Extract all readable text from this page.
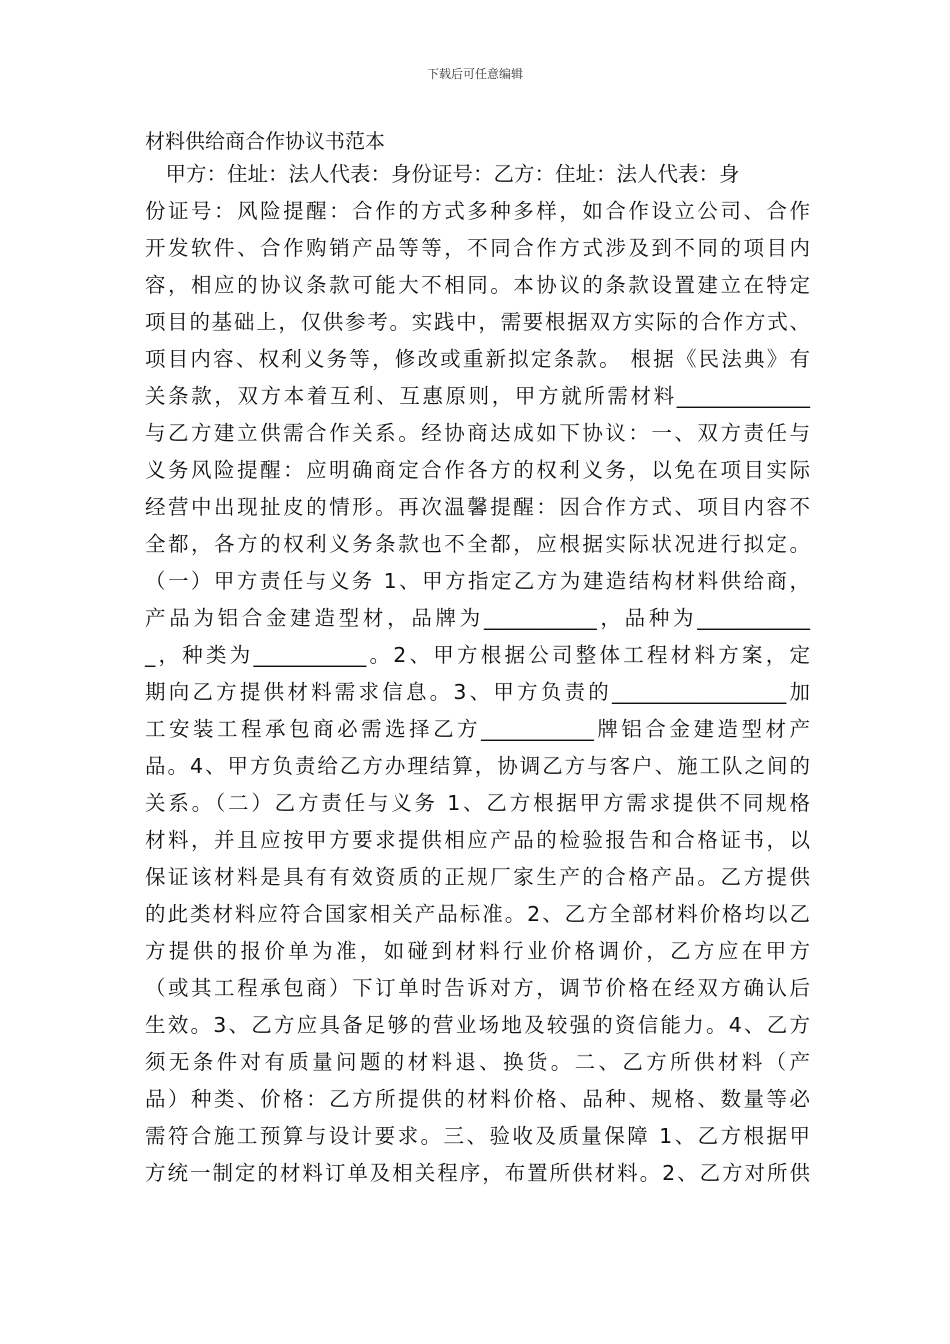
下载后可任意编辑
材料供给商合作协议书范本
　甲方：住址：法人代表：身份证号：乙方：住址：法人代表：身
份证号：风险提醒：合作的方式多种多样，如合作设立公司、合作
开发软件、合作购销产品等等，不同合作方式涉及到不同的项目内
容，相应的协议条款可能大不相同。本协议的条款设置建立在特定
项目的基础上，仅供参考。实践中，需要根据双方实际的合作方式、
项目内容、权利义务等，修改或重新拟定条款。 根据《民法典》有
关条款，双方本着互利、互惠原则，甲方就所需材料_____________
与乙方建立供需合作关系。经协商达成如下协议：一、双方责任与
义务风险提醒：应明确商定合作各方的权利义务，以免在项目实际
经营中出现扯皮的情形。再次温馨提醒：因合作方式、项目内容不
全都，各方的权利义务条款也不全都，应根据实际状况进行拟定。
（一）甲方责任与义务 1、甲方指定乙方为建造结构材料供给商，
产品为铝合金建造型材，品牌为___________，品种为___________
_，种类为___________。2、甲方根据公司整体工程材料方案，定
期向乙方提供材料需求信息。3、甲方负责的_________________加
工安装工程承包商必需选择乙方___________牌铝合金建造型材产
品。4、甲方负责给乙方办理结算，协调乙方与客户、施工队之间的
关系。（二）乙方责任与义务 1、乙方根据甲方需求提供不同规格
材料，并且应按甲方要求提供相应产品的检验报告和合格证书，以
保证该材料是具有有效资质的正规厂家生产的合格产品。乙方提供
的此类材料应符合国家相关产品标准。2、乙方全部材料价格均以乙
方提供的报价单为准，如碰到材料行业价格调价，乙方应在甲方
（或其工程承包商）下订单时告诉对方，调节价格在经双方确认后
生效。3、乙方应具备足够的营业场地及较强的资信能力。4、乙方
须无条件对有质量问题的材料退、换货。二、乙方所供材料（产
品）种类、价格：乙方所提供的材料价格、品种、规格、数量等必
需符合施工预算与设计要求。三、验收及质量保障 1、乙方根据甲
方统一制定的材料订单及相关程序，布置所供材料。2、乙方对所供
